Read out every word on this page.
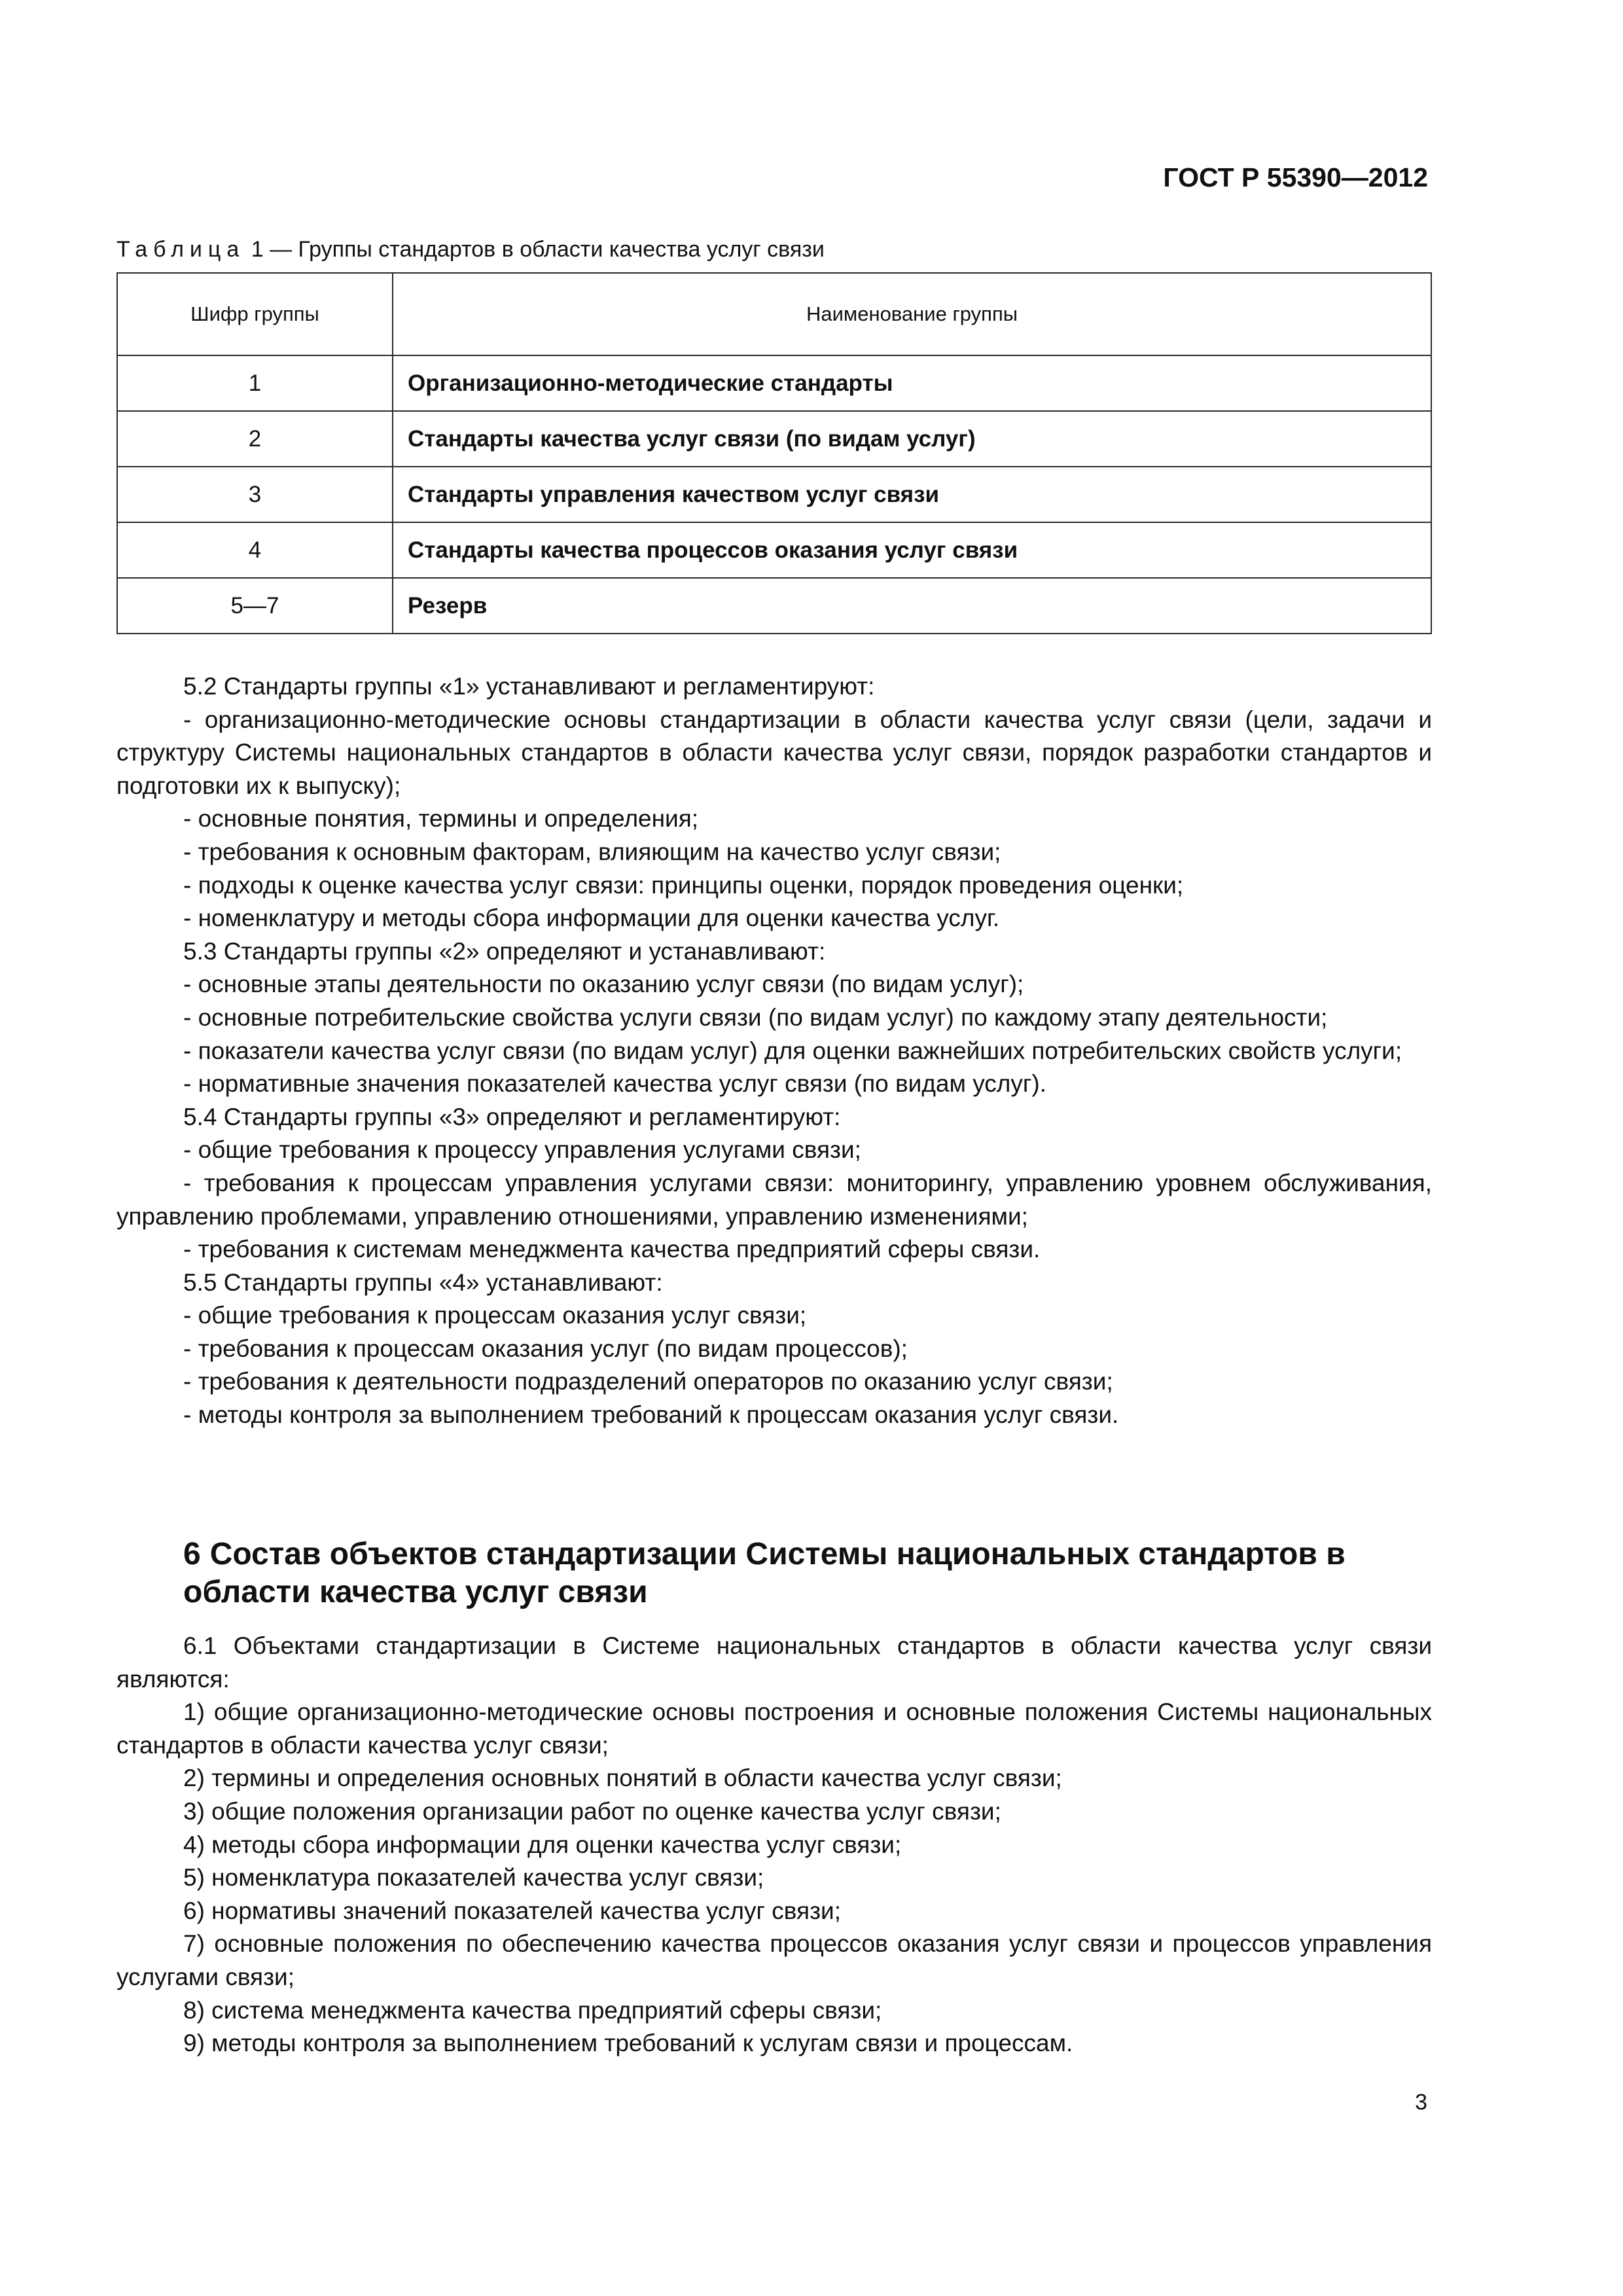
ГОСТ Р 55390—2012
Таблица 1 — Группы стандартов в области качества услуг связи
Шифр группы	Наименование группы
1	Организационно-методические стандарты
2	Стандарты качества услуг связи (по видам услуг)
3	Стандарты управления качеством услуг связи
4	Стандарты качества процессов оказания услуг связи
5—7	Резерв

5.2 Стандарты группы «1» устанавливают и регламентируют:

- организационно-методические основы стандартизации в области качества услуг связи (цели, задачи и структуру Системы национальных стандартов в области качества услуг связи, порядок разработки стандартов и подготовки их к выпуску);

- основные понятия, термины и определения;

- требования к основным факторам, влияющим на качество услуг связи;

- подходы к оценке качества услуг связи: принципы оценки, порядок проведения оценки;

- номенклатуру и методы сбора информации для оценки качества услуг.

5.3 Стандарты группы «2» определяют и устанавливают:

- основные этапы деятельности по оказанию услуг связи (по видам услуг);

- основные потребительские свойства услуги связи (по видам услуг) по каждому этапу деятельности;

- показатели качества услуг связи (по видам услуг) для оценки важнейших потребительских свойств услуги;

- нормативные значения показателей качества услуг связи (по видам услуг).

5.4 Стандарты группы «3» определяют и регламентируют:

- общие требования к процессу управления услугами связи;

- требования к процессам управления услугами связи: мониторингу, управлению уровнем обслуживания, управлению проблемами, управлению отношениями, управлению изменениями;

- требования к системам менеджмента качества предприятий сферы связи.

5.5 Стандарты группы «4» устанавливают:

- общие требования к процессам оказания услуг связи;

- требования к процессам оказания услуг (по видам процессов);

- требования к деятельности подразделений операторов по оказанию услуг связи;

- методы контроля за выполнением требований к процессам оказания услуг связи.

6 Состав объектов стандартизации Системы национальных стандартов в области качества услуг связи

6.1 Объектами стандартизации в Системе национальных стандартов в области качества услуг связи являются:

1) общие организационно-методические основы построения и основные положения Системы национальных стандартов в области качества услуг связи;

2) термины и определения основных понятий в области качества услуг связи;

3) общие положения организации работ по оценке качества услуг связи;

4) методы сбора информации для оценки качества услуг связи;

5) номенклатура показателей качества услуг связи;

6) нормативы значений показателей качества услуг связи;

7) основные положения по обеспечению качества процессов оказания услуг связи и процессов управления услугами связи;

8) система менеджмента качества предприятий сферы связи;

9) методы контроля за выполнением требований к услугам связи и процессам.

3
